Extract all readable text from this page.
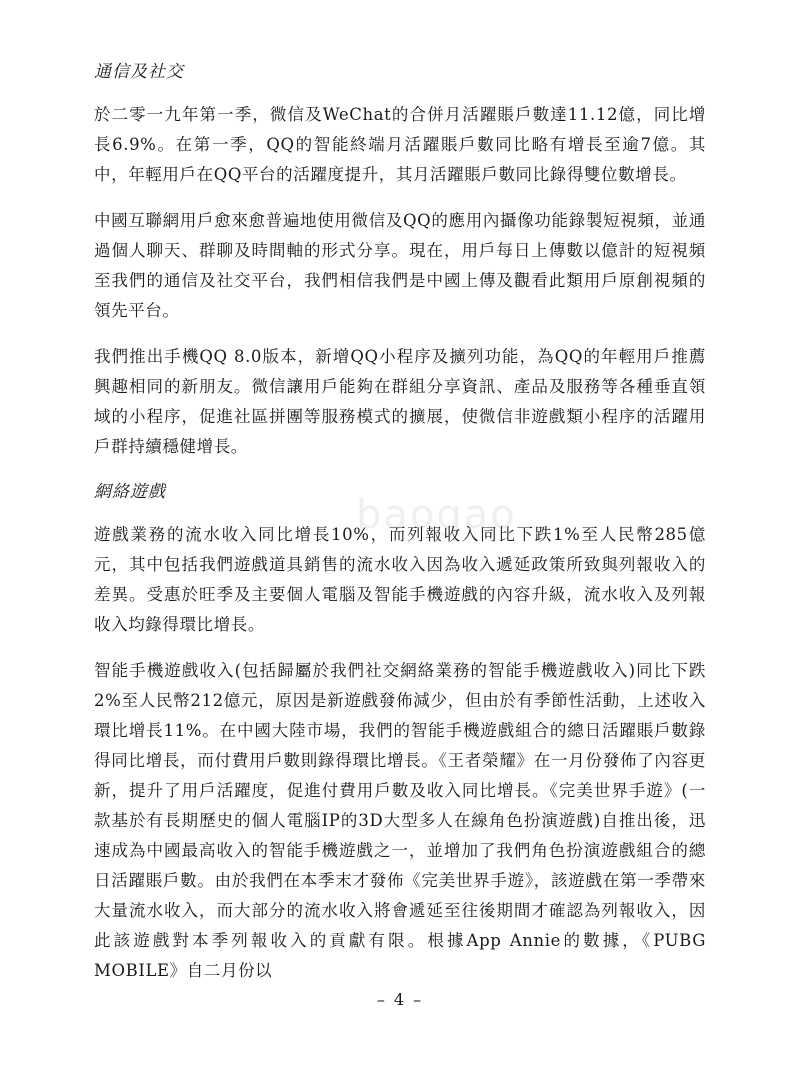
通信及社交

於二零一九年第一季，微信及WeChat的合併月活躍賬戶數達11.12億，同比增長6.9%。在第一季，QQ的智能終端月活躍賬戶數同比略有增長至逾7億。其中，年輕用戶在QQ平台的活躍度提升，其月活躍賬戶數同比錄得雙位數增長。

中國互聯網用戶愈來愈普遍地使用微信及QQ的應用內攝像功能錄製短視頻，並通過個人聊天、群聊及時間軸的形式分享。現在，用戶每日上傳數以億計的短視頻至我們的通信及社交平台，我們相信我們是中國上傳及觀看此類用戶原創視頻的領先平台。

我們推出手機QQ 8.0版本，新增QQ小程序及擴列功能，為QQ的年輕用戶推薦興趣相同的新朋友。微信讓用戶能夠在群組分享資訊、產品及服務等各種垂直領域的小程序，促進社區拼團等服務模式的擴展，使微信非遊戲類小程序的活躍用戶群持續穩健增長。

網絡遊戲

遊戲業務的流水收入同比增長10%，而列報收入同比下跌1%至人民幣285億元，其中包括我們遊戲道具銷售的流水收入因為收入遞延政策所致與列報收入的差異。受惠於旺季及主要個人電腦及智能手機遊戲的內容升級，流水收入及列報收入均錄得環比增長。

智能手機遊戲收入(包括歸屬於我們社交網絡業務的智能手機遊戲收入)同比下跌2%至人民幣212億元，原因是新遊戲發佈減少，但由於有季節性活動，上述收入環比增長11%。在中國大陸市場，我們的智能手機遊戲組合的總日活躍賬戶數錄得同比增長，而付費用戶數則錄得環比增長。《王者榮耀》在一月份發佈了內容更新，提升了用戶活躍度，促進付費用戶數及收入同比增長。《完美世界手遊》(一款基於有長期歷史的個人電腦IP的3D大型多人在線角色扮演遊戲)自推出後，迅速成為中國最高收入的智能手機遊戲之一，並增加了我們角色扮演遊戲組合的總日活躍賬戶數。由於我們在本季末才發佈《完美世界手遊》，該遊戲在第一季帶來大量流水收入，而大部分的流水收入將會遞延至往後期間才確認為列報收入，因此該遊戲對本季列報收入的貢獻有限。根據App Annie的數據，《PUBG MOBILE》自二月份以

baogao
– 4 –
